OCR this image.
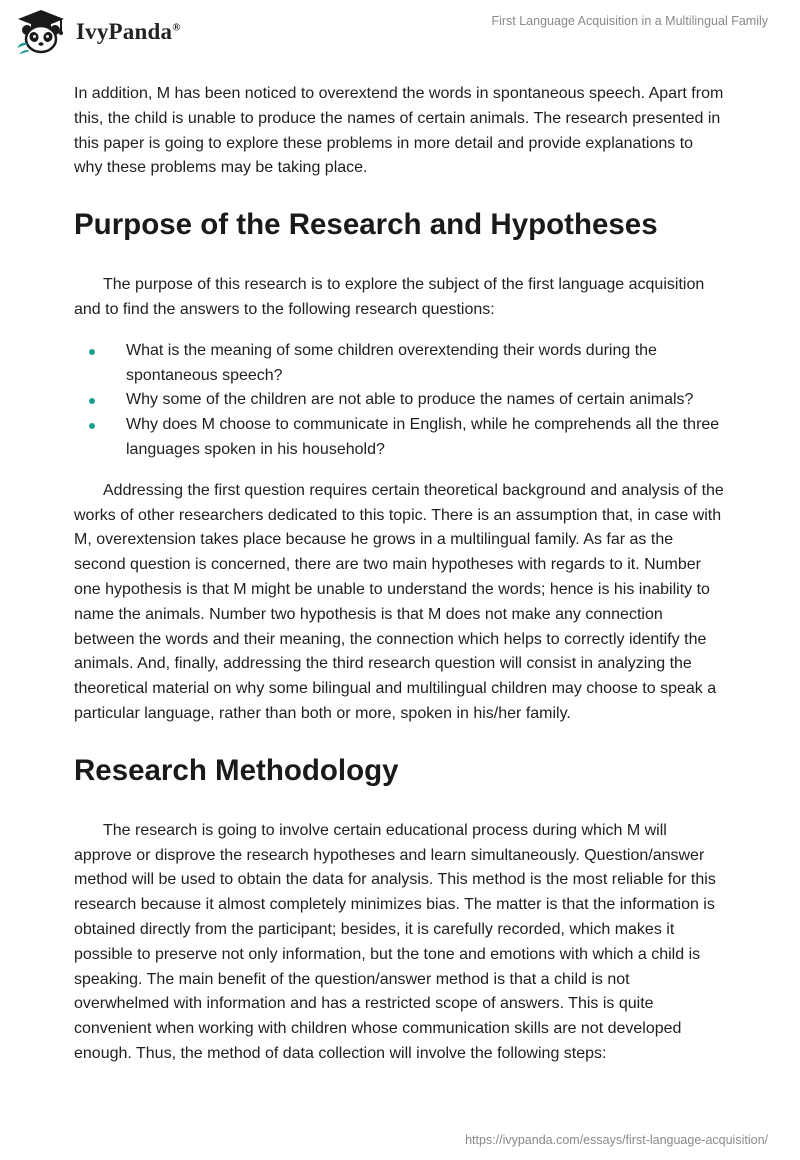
IvyPanda®	First Language Acquisition in a Multilingual Family

In addition, M has been noticed to overextend the words in spontaneous speech. Apart from this, the child is unable to produce the names of certain animals. The research presented in this paper is going to explore these problems in more detail and provide explanations to why these problems may be taking place.

Purpose of the Research and Hypotheses

The purpose of this research is to explore the subject of the first language acquisition and to find the answers to the following research questions:

What is the meaning of some children overextending their words during the spontaneous speech?
Why some of the children are not able to produce the names of certain animals?
Why does M choose to communicate in English, while he comprehends all the three languages spoken in his household?

Addressing the first question requires certain theoretical background and analysis of the works of other researchers dedicated to this topic. There is an assumption that, in case with M, overextension takes place because he grows in a multilingual family. As far as the second question is concerned, there are two main hypotheses with regards to it. Number one hypothesis is that M might be unable to understand the words; hence is his inability to name the animals. Number two hypothesis is that M does not make any connection between the words and their meaning, the connection which helps to correctly identify the animals. And, finally, addressing the third research question will consist in analyzing the theoretical material on why some bilingual and multilingual children may choose to speak a particular language, rather than both or more, spoken in his/her family.

Research Methodology

The research is going to involve certain educational process during which M will approve or disprove the research hypotheses and learn simultaneously. Question/answer method will be used to obtain the data for analysis. This method is the most reliable for this research because it almost completely minimizes bias. The matter is that the information is obtained directly from the participant; besides, it is carefully recorded, which makes it possible to preserve not only information, but the tone and emotions with which a child is speaking. The main benefit of the question/answer method is that a child is not overwhelmed with information and has a restricted scope of answers. This is quite convenient when working with children whose communication skills are not developed enough. Thus, the method of data collection will involve the following steps:

https://ivypanda.com/essays/first-language-acquisition/
